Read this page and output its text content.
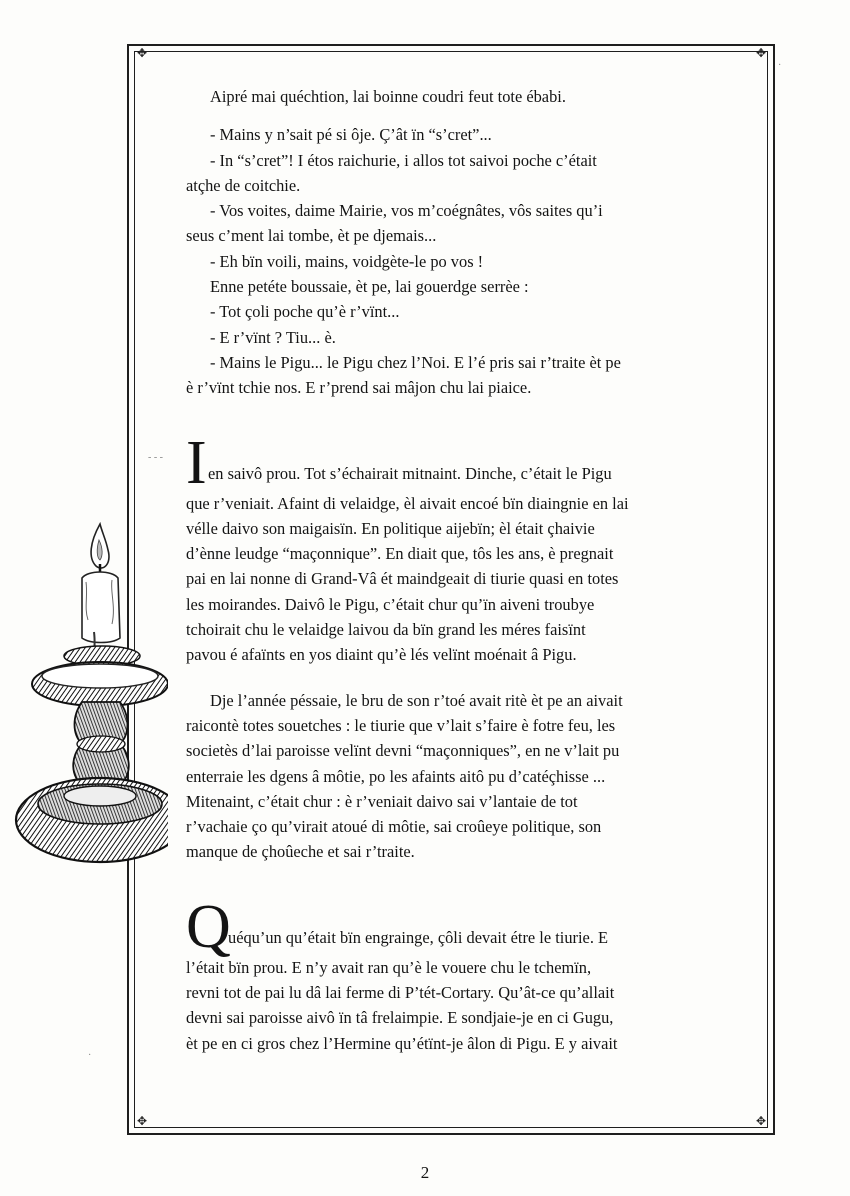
✥	✥
✥	✥
- - -
·
·
Aipré mai quéchtion, lai boinne coudri feut tote ébabi.
- Mains y n’sait pé si ôje. Ç’ât ïn “s’cret”...
- In “s’cret”! I étos raichurie, i allos tot saivoi poche c’était
atçhe de coitchie.
- Vos voites, daime Mairie, vos m’coégnâtes, vôs saites qu’i
seus c’ment lai tombe, èt pe djemais...
- Eh bïn voili, mains, voidgète-le po vos !
Enne petéte boussaie, èt pe, lai gouerdge serrèe :
- Tot çoli poche qu’è r’vïnt...
- E r’vïnt ? Tiu... è.
- Mains le Pigu... le Pigu chez l’Noi. E l’é pris sai r’traite èt pe
è r’vïnt tchie nos. E r’prend sai mâjon chu lai piaice.
I en saivô prou. Tot s’échairait mitnaint. Dinche, c’était le Pigu
que r’veniait. Afaint di velaidge, èl aivait encoé bïn diaingnie en lai
vélle daivo son maigaisïn. En politique aijebïn; èl était çhaivie
d’ènne leudge “maçonnique”. En diait que, tôs les ans, è pregnait
pai en lai nonne di Grand-Vâ ét maindgeait di tiurie quasi en totes
les moirandes. Daivô le Pigu, c’était chur qu’ïn aiveni troubye
tchoirait chu le velaidge laivou da bïn grand les méres faisïnt
pavou é afaïnts en yos diaint qu’è lés velïnt moénait â Pigu.
Dje l’année péssaie, le bru de son r’toé avait ritè èt pe an aivait
raicontè totes souetches : le tiurie que v’lait s’faire è fotre feu, les
societès d’lai paroisse velïnt devni “maçonniques”, en ne v’lait pu
enterraie les dgens â môtie, po les afaints aitô pu d’catéçhisse ...
Mitenaint, c’était chur : è r’veniait daivo sai v’lantaie de tot
r’vachaie ço qu’virait atoué di môtie, sai croûeye politique, son
manque de çhoûeche et sai r’traite.
Q
uéqu’un qu’était bïn engrainge, çôli devait étre le tiurie. E
l’était bïn prou. E n’y avait ran qu’è le vouere chu le tchemïn,
revni tot de pai lu dâ lai ferme di P’tét-Cortary. Qu’ât-ce qu’allait
devni sai paroisse aivô ïn tâ frelaimpie. E sondjaie-je en ci Gugu,
èt pe en ci gros chez l’Hermine qu’étïnt-je âlon di Pigu. E y aivait
2
